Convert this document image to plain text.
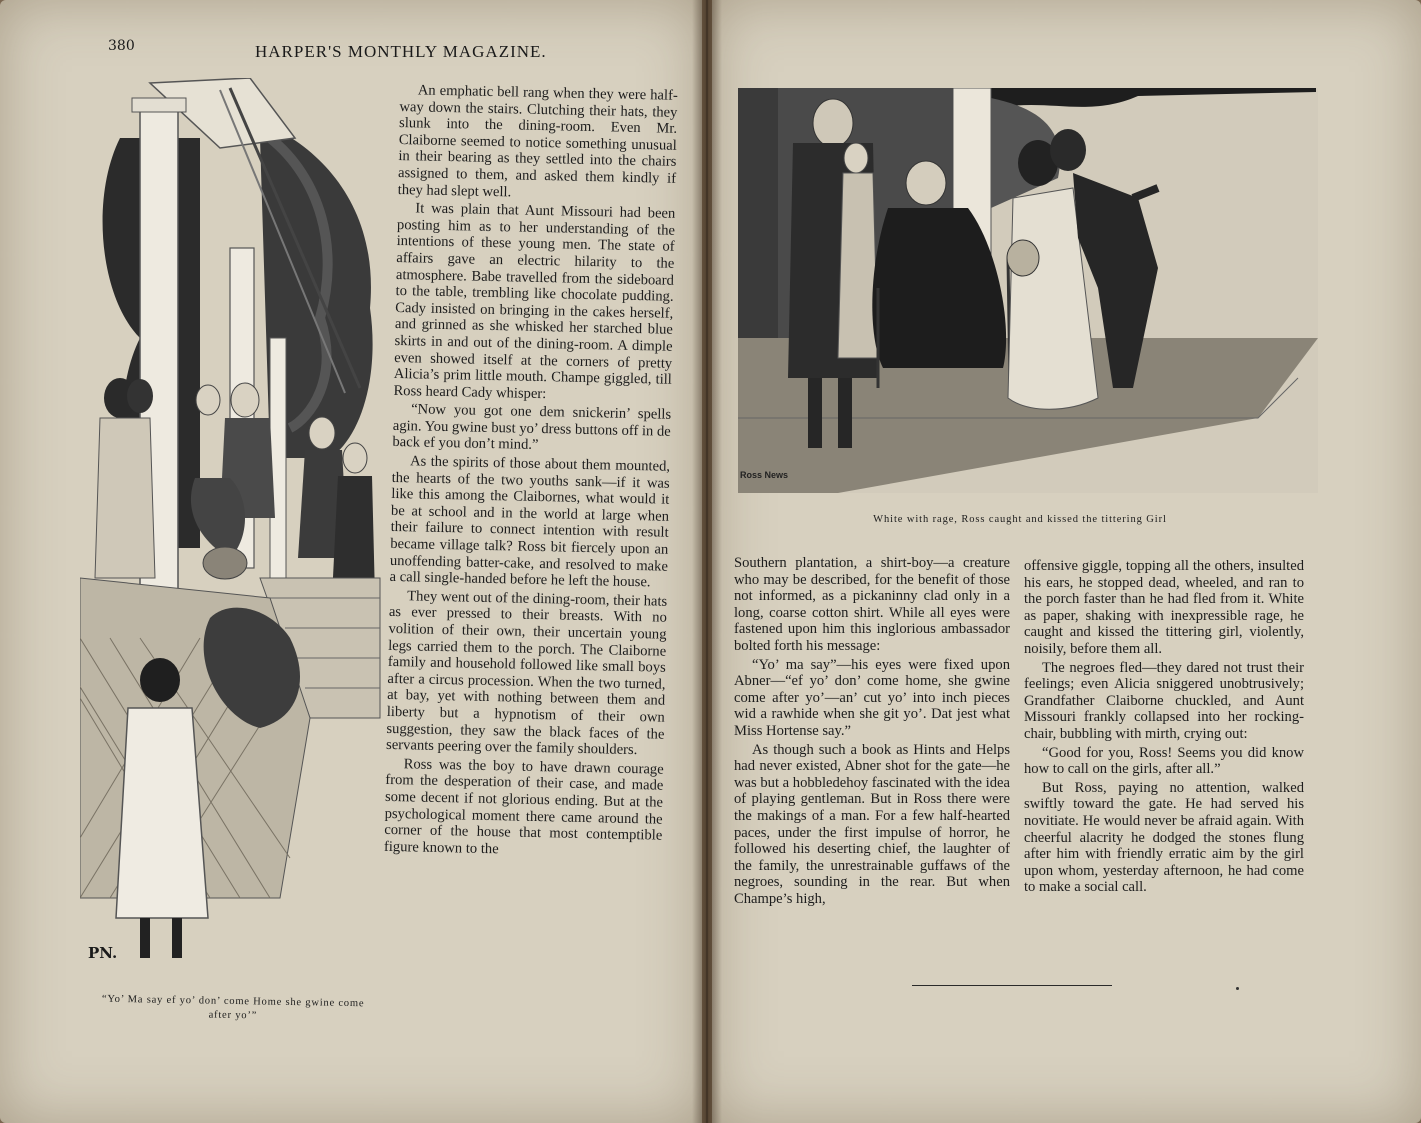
380	HARPER'S MONTHLY MAGAZINE.
PN.
“Yo’ Ma say ef yo’ don’ come Home she gwine come after yo’”

An emphatic bell rang when they were half-way down the stairs. Clutching their hats, they slunk into the dining-room. Even Mr. Claiborne seemed to notice something unusual in their bearing as they settled into the chairs assigned to them, and asked them kindly if they had slept well.

It was plain that Aunt Missouri had been posting him as to her understanding of the intentions of these young men. The state of affairs gave an electric hilarity to the atmosphere. Babe travelled from the sideboard to the table, trembling like chocolate pudding. Cady insisted on bringing in the cakes herself, and grinned as she whisked her starched blue skirts in and out of the dining-room. A dimple even showed itself at the corners of pretty Alicia’s prim little mouth. Champe giggled, till Ross heard Cady whisper:

“Now you got one dem snickerin’ spells agin. You gwine bust yo’ dress buttons off in de back ef you don’t mind.”

As the spirits of those about them mounted, the hearts of the two youths sank—if it was like this among the Claibornes, what would it be at school and in the world at large when their failure to connect intention with result became village talk? Ross bit fiercely upon an unoffending batter-cake, and resolved to make a call single-handed before he left the house.

They went out of the dining-room, their hats as ever pressed to their breasts. With no volition of their own, their uncertain young legs carried them to the porch. The Claiborne family and household followed like small boys after a circus procession. When the two turned, at bay, yet with nothing between them and liberty but a hypnotism of their own suggestion, they saw the black faces of the servants peering over the family shoulders.

Ross was the boy to have drawn courage from the desperation of their case, and made some decent if not glorious ending. But at the psychological moment there came around the corner of the house that most contemptible figure known to the

White with rage, Ross caught and kissed the tittering Girl
Ross News

Southern plantation, a shirt-boy—a creature who may be described, for the benefit of those not informed, as a pickaninny clad only in a long, coarse cotton shirt. While all eyes were fastened upon him this inglorious ambassador bolted forth his message:

“Yo’ ma say”—his eyes were fixed upon Abner—“ef yo’ don’ come home, she gwine come after yo’—an’ cut yo’ into inch pieces wid a rawhide when she git yo’. Dat jest what Miss Hortense say.”

As though such a book as Hints and Helps had never existed, Abner shot for the gate—he was but a hobbledehoy fascinated with the idea of playing gentleman. But in Ross there were the makings of a man. For a few half-hearted paces, under the first impulse of horror, he followed his deserting chief, the laughter of the family, the unrestrainable guffaws of the negroes, sounding in the rear. But when Champe’s high,

offensive giggle, topping all the others, insulted his ears, he stopped dead, wheeled, and ran to the porch faster than he had fled from it. White as paper, shaking with inexpressible rage, he caught and kissed the tittering girl, violently, noisily, before them all.

The negroes fled—they dared not trust their feelings; even Alicia sniggered unobtrusively; Grandfather Claiborne chuckled, and Aunt Missouri frankly collapsed into her rocking-chair, bubbling with mirth, crying out:

“Good for you, Ross! Seems you did know how to call on the girls, after all.”

But Ross, paying no attention, walked swiftly toward the gate. He had served his novitiate. He would never be afraid again. With cheerful alacrity he dodged the stones flung after him with friendly erratic aim by the girl upon whom, yesterday afternoon, he had come to make a social call.
